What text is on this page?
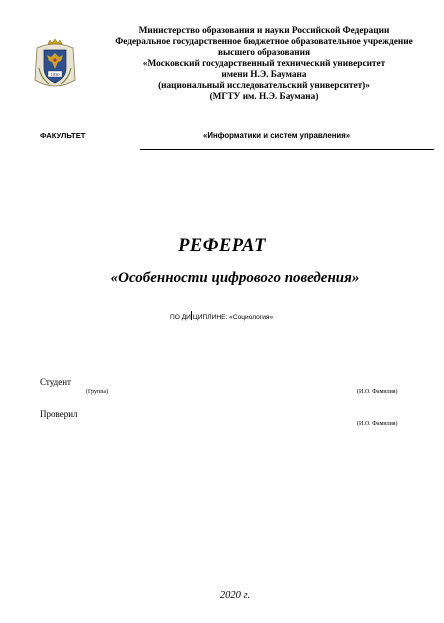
1830
Министерство образования и науки Российской Федерации
Федеральное государственное бюджетное образовательное учреждение
высшего образования
«Московский государственный технический университет
имени Н.Э. Баумана
(национальный исследовательский университет)»
(МГТУ им. Н.Э. Баумана)
ФАКУЛЬТЕТ	«Информатики и систем управления»
РЕФЕРАТ
«Особенности цифрового поведения»
ПО ДИ ЦИПЛИНЕ: «Социология»
Студент
(Группа)	(И.О. Фамилия)
Проверил
(И.О. Фамилия)
2020 г.
